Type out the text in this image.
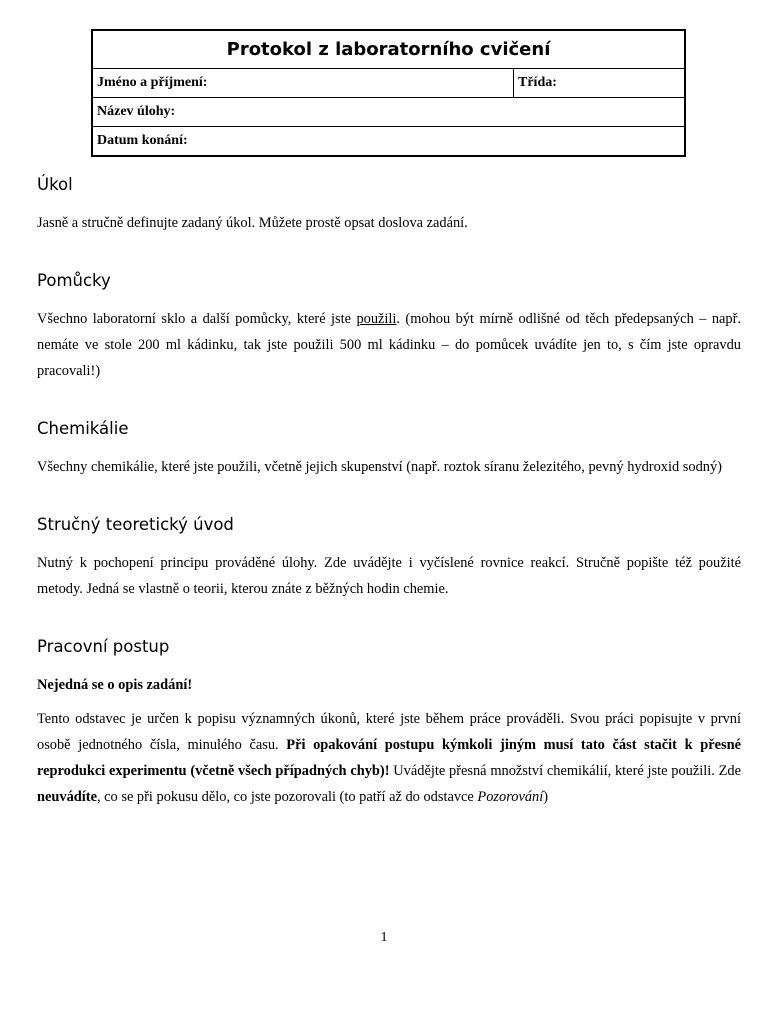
Protokol z laboratorního cvičení
Jméno a příjmení:	Třída:
Název úlohy:
Datum konání:
Úkol

Jasně a stručně definujte zadaný úkol. Můžete prostě opsat doslova zadání.

Pomůcky

Všechno laboratorní sklo a další pomůcky, které jste použili. (mohou být mírně odlišné od těch předepsaných – např. nemáte ve stole 200 ml kádinku, tak jste použili 500 ml kádinku – do pomůcek uvádíte jen to, s čím jste opravdu pracovali!)

Chemikálie

Všechny chemikálie, které jste použili, včetně jejich skupenství (např. roztok síranu železitého, pevný hydroxid sodný)

Stručný teoretický úvod

Nutný k pochopení principu prováděné úlohy. Zde uvádějte i vyčíslené rovnice reakcí. Stručně popište též použité metody. Jedná se vlastně o teorii, kterou znáte z běžných hodin chemie.

Pracovní postup

Nejedná se o opis zadání!

Tento odstavec je určen k popisu významných úkonů, které jste během práce prováděli. Svou práci popisujte v první osobě jednotného čísla, minulého času. Při opakování postupu kýmkoli jiným musí tato část stačit k přesné reprodukci experimentu (včetně všech případných chyb)! Uvádějte přesná množství chemikálií, které jste použili. Zde neuvádíte, co se při pokusu dělo, co jste pozorovali (to patří až do odstavce Pozorování)

1
